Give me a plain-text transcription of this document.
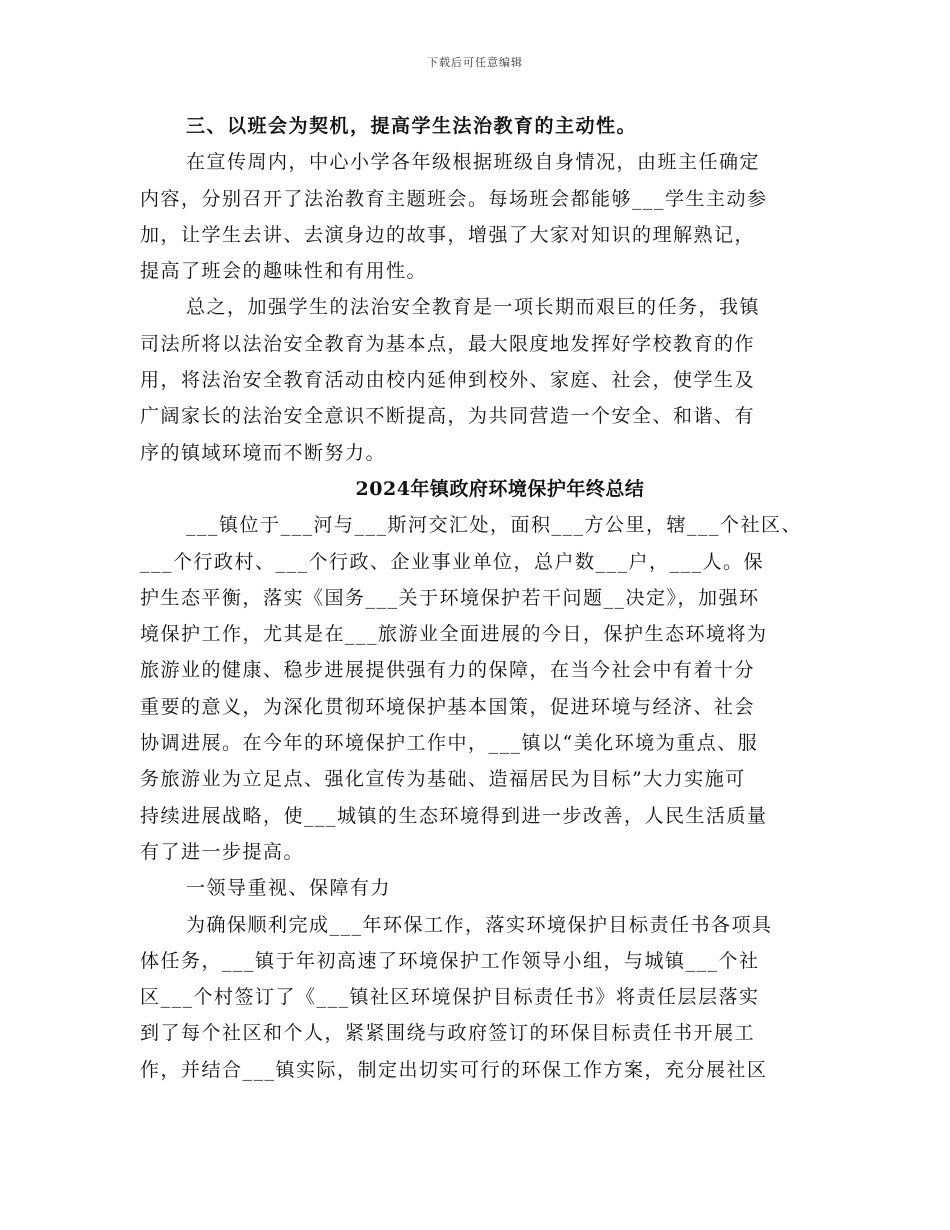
下载后可任意编辑
三、以班会为契机，提高学生法治教育的主动性。
在宣传周内，中心小学各年级根据班级自身情况，由班主任确定
内容，分别召开了法治教育主题班会。每场班会都能够___学生主动参
加，让学生去讲、去演身边的故事，增强了大家对知识的理解熟记，
提高了班会的趣味性和有用性。
总之，加强学生的法治安全教育是一项长期而艰巨的任务，我镇
司法所将以法治安全教育为基本点，最大限度地发挥好学校教育的作
用，将法治安全教育活动由校内延伸到校外、家庭、社会，使学生及
广阔家长的法治安全意识不断提高，为共同营造一个安全、和谐、有
序的镇域环境而不断努力。
2024年镇政府环境保护年终总结
___镇位于___河与___斯河交汇处，面积___方公里，辖___个社区、
___个行政村、___个行政、企业事业单位，总户数___户，___人。保
护生态平衡，落实《国务___关于环境保护若干问题__决定》，加强环
境保护工作，尤其是在___旅游业全面进展的今日，保护生态环境将为
旅游业的健康、稳步进展提供强有力的保障，在当今社会中有着十分
重要的意义，为深化贯彻环境保护基本国策，促进环境与经济、社会
协调进展。在今年的环境保护工作中，___镇以“美化环境为重点、服
务旅游业为立足点、强化宣传为基础、造福居民为目标”大力实施可
持续进展战略，使___城镇的生态环境得到进一步改善，人民生活质量
有了进一步提高。
一领导重视、保障有力
为确保顺利完成___年环保工作，落实环境保护目标责任书各项具
体任务，___镇于年初高速了环境保护工作领导小组，与城镇___个社
区___个村签订了《___镇社区环境保护目标责任书》将责任层层落实
到了每个社区和个人，紧紧围绕与政府签订的环保目标责任书开展工
作，并结合___镇实际，制定出切实可行的环保工作方案，充分展社区
